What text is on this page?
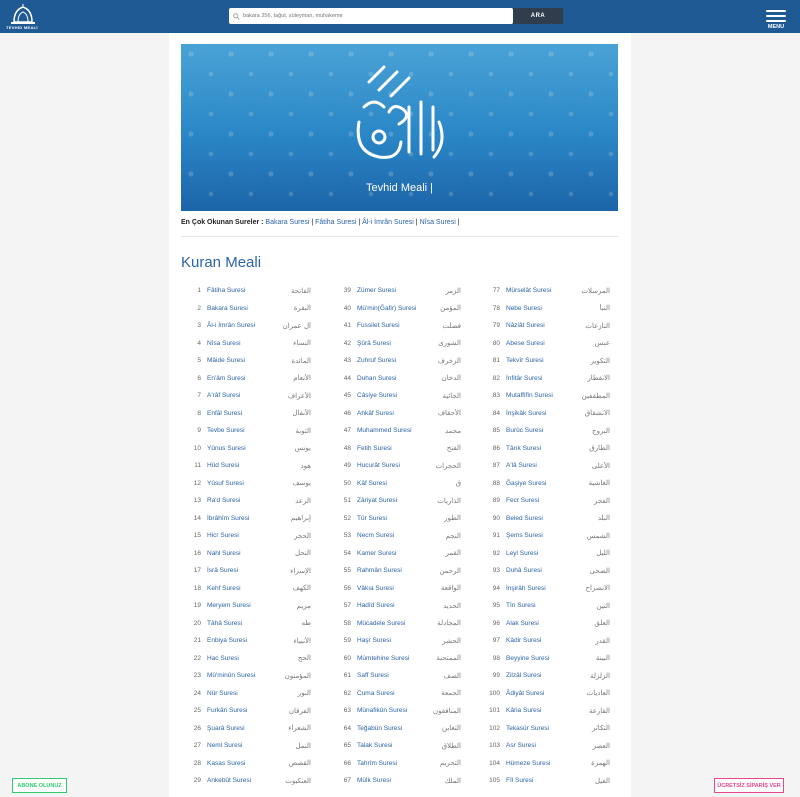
TEVHİD MEALİ
bakara 256, tağut, süleyman, muhakeme
ARA
MENU
Tevhid Meali |
En Çok Okunan Sureler : Bakara Suresi | Fâtiha Suresi | Âl-i İmrân Suresi | Nîsa Suresi |
Kuran Meali
1 Fâtiha Suresi	الفاتحة
2 Bakara Suresi	البقرة
3 Âl-i İmrân Suresi	آل عمران
4 Nîsa Suresi	النساء
5 Mâide Suresi	المائدة
6 En'âm Suresi	الأنعام
7 A'râf Suresi	الأعراف
8 Enfâl Suresi	الأنفال
9 Tevbe Suresi	التوبة
10 Yûnus Suresi	يونس
11 Hûd Suresi	هود
12 Yûsuf Suresi	يوسف
13 Ra'd Suresi	الرعد
14 İbrâhîm Suresi	إبراهيم
15 Hicr Suresi	الحجر
16 Nahl Suresi	النحل
17 İsrâ Suresi	الإسراء
18 Kehf Suresi	الكهف
19 Meryem Suresi	مريم
20 Tâhâ Suresi	طه
21 Enbiya Suresi	الأنبياء
22 Hac Suresi	الحج
23 Mü'minûn Suresi	المؤمنون
24 Nûr Suresi	النور
25 Furkân Suresi	الفرقان
26 Şuarâ Suresi	الشعراء
27 Neml Suresi	النمل
28 Kasas Suresi	القصص
29 Ankebût Suresi	العنكبوت
39 Zümer Suresi	الزمر
40 Mü'min(Ğafir) Suresi	المؤمن
41 Fussilet Suresi	فصلت
42 Şûrâ Suresi	الشورى
43 Zuhruf Suresi	الزخرف
44 Duhan Suresi	الدخان
45 Câsiye Suresi	الجاثية
46 Ahkâf Suresi	الأحقاف
47 Muhammed Suresi	محمد
48 Fetih Suresi	الفتح
49 Hucurât Suresi	الحجرات
50 Kâf Suresi	ق
51 Zâriyat Suresi	الذاريات
52 Tûr Suresi	الطور
53 Necm Suresi	النجم
54 Kamer Suresi	القمر
55 Rahmân Suresi	الرحمن
56 Vâkıa Suresi	الواقعة
57 Hadîd Suresi	الحديد
58 Mücadele Suresi	المجادلة
59 Haşr Suresi	الحشر
60 Mümtehine Suresi	الممتحنة
61 Saff Suresi	الصف
62 Cuma Suresi	الجمعة
63 Münafikûn Suresi	المنافقون
64 Teğabün Suresi	التغابن
65 Talak Suresi	الطلاق
66 Tahrîm Suresi	التحريم
67 Mülk Suresi	الملك
77 Mürselât Suresi	المرسلات
78 Nebe Suresi	النبأ
79 Nâziât Suresi	النازعات
80 Abese Suresi	عبس
81 Tekvîr Suresi	التكوير
82 İnfitâr Suresi	الانفطار
83 Mutaffifîn Suresi	المطففين
84 İnşikâk Suresi	الانشقاق
85 Burûc Suresi	البروج
86 Târık Suresi	الطارق
87 A'lâ Suresi	الأعلى
88 Ğaşiye Suresi	الغاشية
89 Fecr Suresi	الفجر
90 Beled Suresi	البلد
91 Şems Suresi	الشمس
92 Leyl Suresi	الليل
93 Duhâ Suresi	الضحى
94 İnşirâh Suresi	الانشراح
95 Tîn Suresi	التين
96 Alak Suresi	العلق
97 Kâdir Suresi	القدر
98 Beyyine Suresi	البينة
99 Zilzâl Suresi	الزلزلة
100 Âdiyât Suresi	العاديات
101 Kâria Suresi	القارعة
102 Tekasür Suresi	التكاثر
103 Asr Suresi	العصر
104 Hümeze Suresi	الهمزة
105 Fîl Suresi	الفيل
ABONE OLUNUZ	ÜCRETSİZ SİPARİŞ VER
